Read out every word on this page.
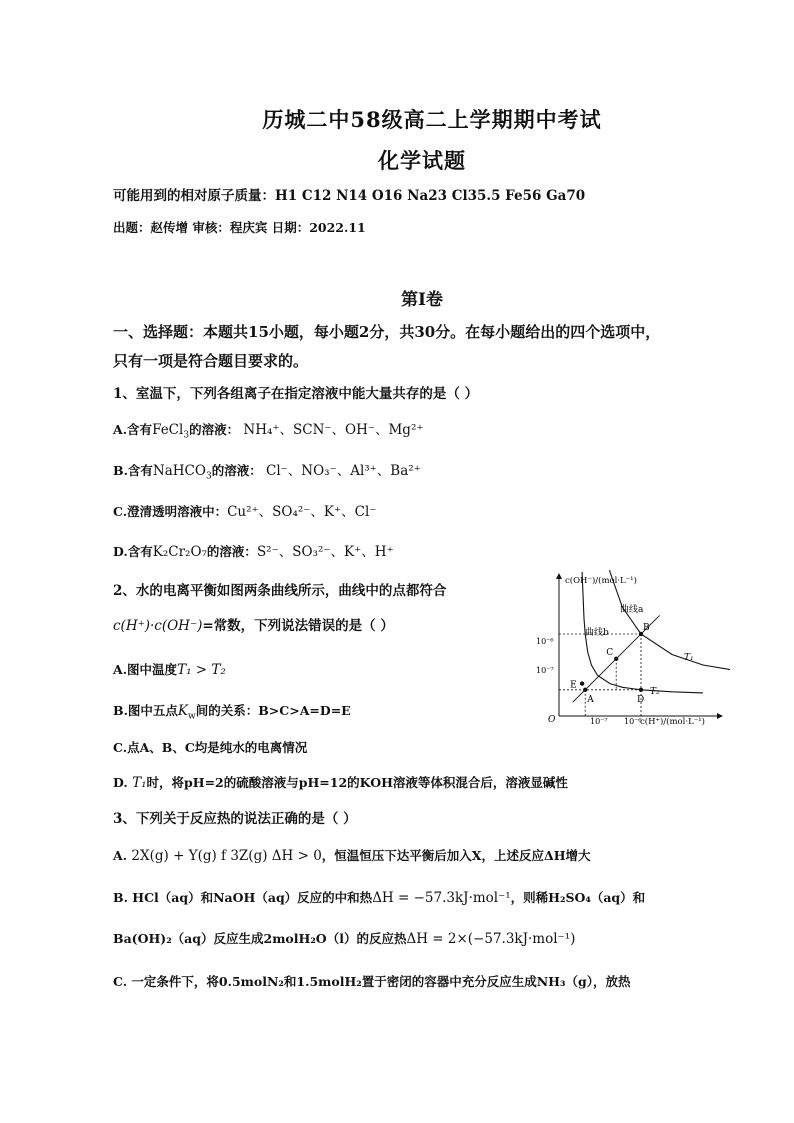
历城二中58级高二上学期期中考试
化学试题
可能用到的相对原子质量：H1 C12 N14 O16 Na23 Cl35.5 Fe56 Ga70
出题：赵传增 审核：程庆宾 日期：2022.11
第Ⅰ卷
一、选择题：本题共15小题，每小题2分，共30分。在每小题给出的四个选项中，
只有一项是符合题目要求的。
1、室温下，下列各组离子在指定溶液中能大量共存的是（ ）
A.含有FeCl$_3$的溶液： NH₄⁺、SCN⁻、OH⁻、Mg²⁺
B.含有NaHCO$_3$的溶液： Cl⁻、NO₃⁻、Al³⁺、Ba²⁺
C.澄清透明溶液中：Cu²⁺、SO₄²⁻、K⁺、Cl⁻
D.含有K₂Cr₂O₇的溶液：S²⁻、SO₃²⁻、K⁺、H⁺
2、水的电离平衡如图两条曲线所示，曲线中的点都符合
c(H⁺)·c(OH⁻)=常数，下列说法错误的是（ ）
A.图中温度T₁ > T₂
B.图中五点$K_w$间的关系：B>C>A=D=E
C.点A、B、C均是纯水的电离情况
D. T₁时，将pH=2的硫酸溶液与pH=12的KOH溶液等体积混合后，溶液显碱性
3、下列关于反应热的说法正确的是（ ）
A. 2X(g) + Y(g) f 3Z(g) ΔH > 0，恒温恒压下达平衡后加入X，上述反应ΔH增大
B. HCl（aq）和NaOH（aq）反应的中和热ΔH = −57.3kJ·mol⁻¹，则稀H₂SO₄（aq）和
Ba(OH)₂（aq）反应生成2molH₂O（l）的反应热ΔH = 2×(−57.3kJ·mol⁻¹)
C. 一定条件下，将0.5molN₂和1.5molH₂置于密闭的容器中充分反应生成NH₃（g），放热
c(OH⁻)/(mol·L⁻¹)
c(H⁺)/(mol·L⁻¹)
O	10⁻⁷ 10⁻⁶
10⁻⁶
10⁻⁷
曲线a
曲线b
T₁
T₂
A
B
C
D
E
